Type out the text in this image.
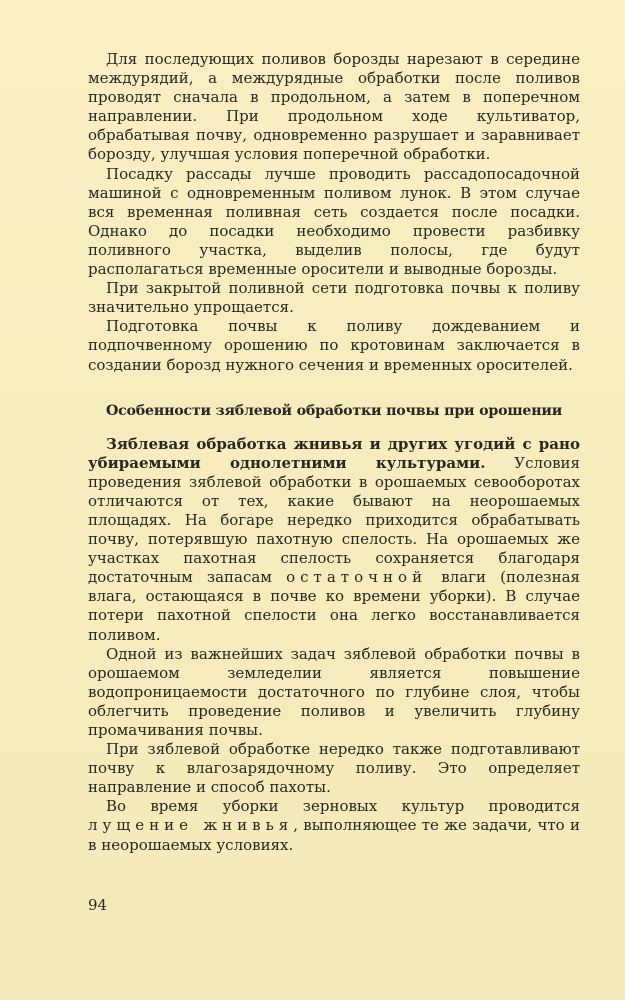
Для последующих поливов борозды нарезают в середине междурядий, а междурядные обработки после поливов проводят сначала в продольном, а затем в поперечном направлении. При продольном ходе культиватор, обрабатывая почву, одновременно разрушает и заравнивает борозду, улучшая условия поперечной обработки.

Посадку рассады лучше проводить рассадопосадочной машиной с одновременным поливом лунок. В этом случае вся временная поливная сеть создается после посадки. Однако до посадки необходимо провести разбивку поливного участка, выделив полосы, где будут располагаться временные оросители и выводные борозды.

При закрытой поливной сети подготовка почвы к поливу значительно упрощается.

Подготовка почвы к поливу дождеванием и подпочвенному орошению по кротовинам заключается в создании борозд нужного сечения и временных оросителей.

Особенности зяблевой обработки почвы при орошении

Зяблевая обработка жнивья и других угодий с рано убираемыми однолетними культурами. Условия проведения зяблевой обработки в орошаемых севооборотах отличаются от тех, какие бывают на неорошаемых площадях. На богаре нередко приходится обрабатывать почву, потерявшую пахотную спелость. На орошаемых же участках пахотная спелость сохраняется благодаря достаточным запасам остаточной влаги (полезная влага, остающаяся в почве ко времени уборки). В случае потери пахотной спелости она легко восстанавливается поливом.

Одной из важнейших задач зяблевой обработки почвы в орошаемом земледелии является повышение водопроницаемости достаточного по глубине слоя, чтобы облегчить проведение поливов и увеличить глубину промачивания почвы.

При зяблевой обработке нередко также подготавливают почву к влагозарядочному поливу. Это определяет направление и способ пахоты.

Во время уборки зерновых культур проводится лущение жнивья, выполняющее те же задачи, что и в неорошаемых условиях.

94
